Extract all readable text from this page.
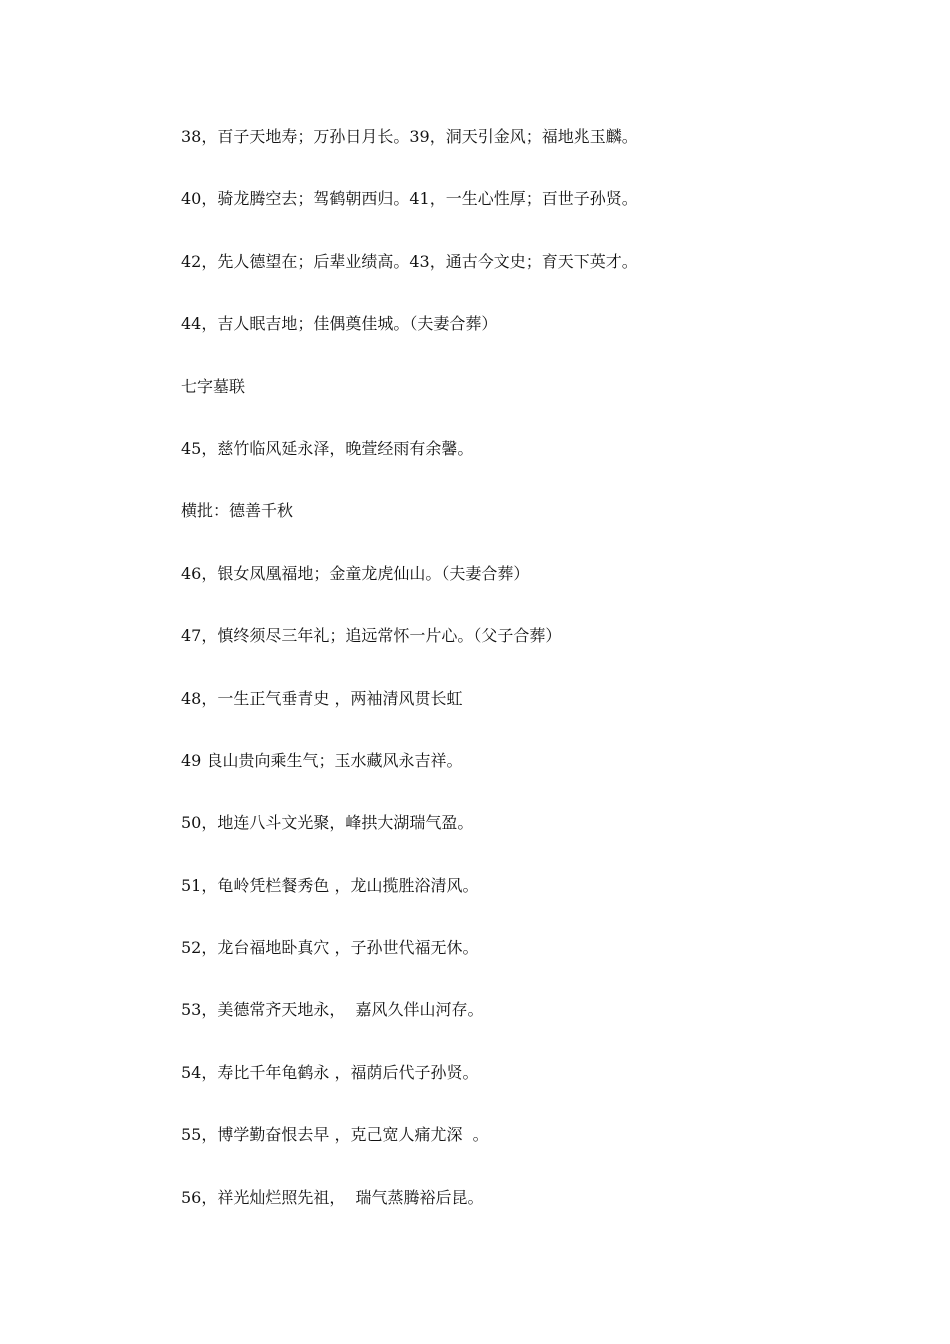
38，百子天地寿；万孙日月长。39，洞天引金风；福地兆玉麟。
40，骑龙腾空去；驾鹤朝西归。41，一生心性厚；百世子孙贤。
42，先人德望在；后辈业绩高。43，通古今文史；育天下英才。
44，吉人眠吉地；佳偶奠佳城。（夫妻合葬）
七字墓联
45，慈竹临风延永泽，晚萱经雨有余馨。
横批：德善千秋
46，银女凤凰福地；金童龙虎仙山。（夫妻合葬）
47，慎终须尽三年礼；追远常怀一片心。（父子合葬）
48，一生正气垂青史 ，两袖清风贯长虹
49 良山贵向乘生气；玉水藏风永吉祥。
50，地连八斗文光聚，峰拱大湖瑞气盈。
51，龟岭凭栏餐秀色 ，龙山揽胜浴清风。
52，龙台福地卧真穴 ，子孙世代福无休。
53，美德常齐天地永，  嘉风久伴山河存。
54，寿比千年龟鹤永 ，福荫后代子孙贤。
55，博学勤奋恨去早 ，克己宽人痛尤深  。
56，祥光灿烂照先祖，  瑞气蒸腾裕后昆。
